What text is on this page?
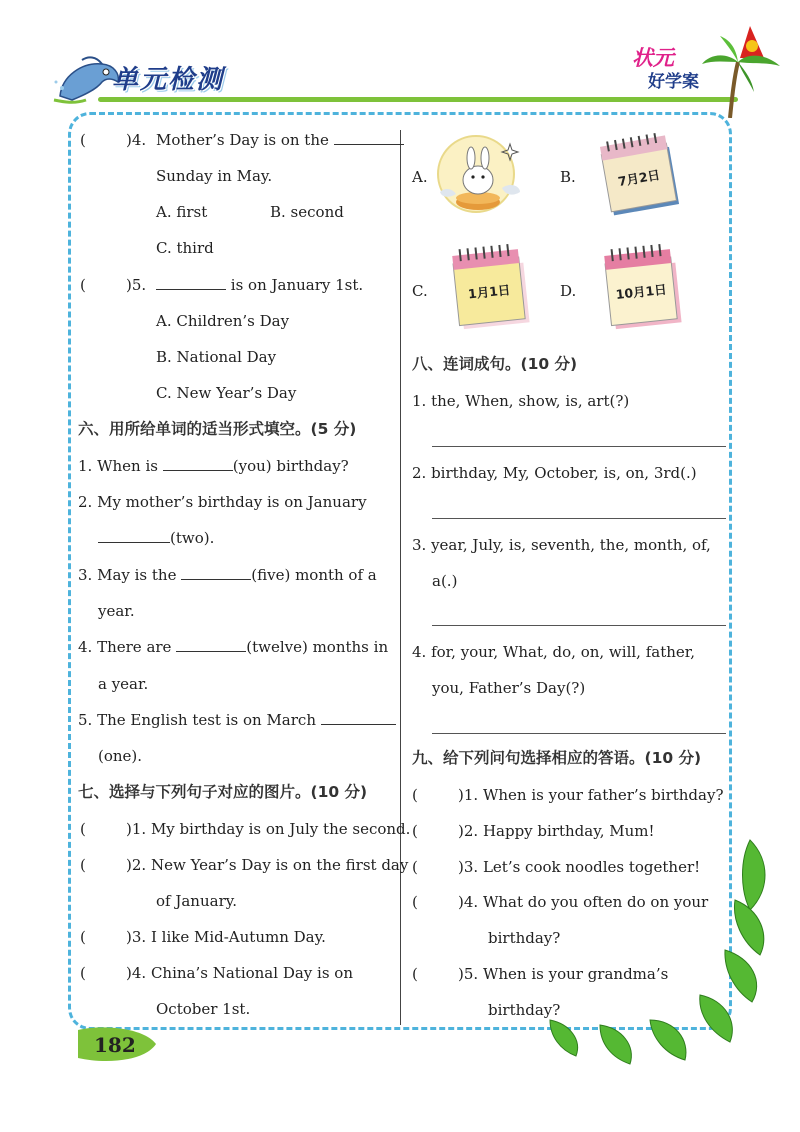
单元检测
状元
好学案
(	)4. Mother’s Day is on the
Sunday in May.
A. first	B. second
C. third
(	)5.	is on January 1st.
A. Children’s Day
B. National Day
C. New Year’s Day
六、用所给单词的适当形式填空。(5 分)
1. When is	(you) birthday?
2. My mother’s birthday is on January
(two).
3. May is the	(five) month of a
year.
4. There are	(twelve) months in
a year.
5. The English test is on March
(one).
七、选择与下列句子对应的图片。(10 分)
(	)1. My birthday is on July the second.
(	)2. New Year’s Day is on the first day
of January.
(	)3. I like Mid-Autumn Day.
(	)4. China’s National Day is on
October 1st.
A.	B.	7月2日
C.	1月1日	D.	10月1日
八、连词成句。(10 分)
1. the, When, show, is, art(?)
2. birthday, My, October, is, on, 3rd(.)
3. year, July, is, seventh, the, month, of,
a(.)
4. for, your, What, do, on, will, father,
you, Father’s Day(?)
九、给下列问句选择相应的答语。(10 分)
(	)1. When is your father’s birthday?
(	)2. Happy birthday, Mum!
(	)3. Let’s cook noodles together!
(	)4. What do you often do on your
birthday?
(	)5. When is your grandma’s
birthday?
182
